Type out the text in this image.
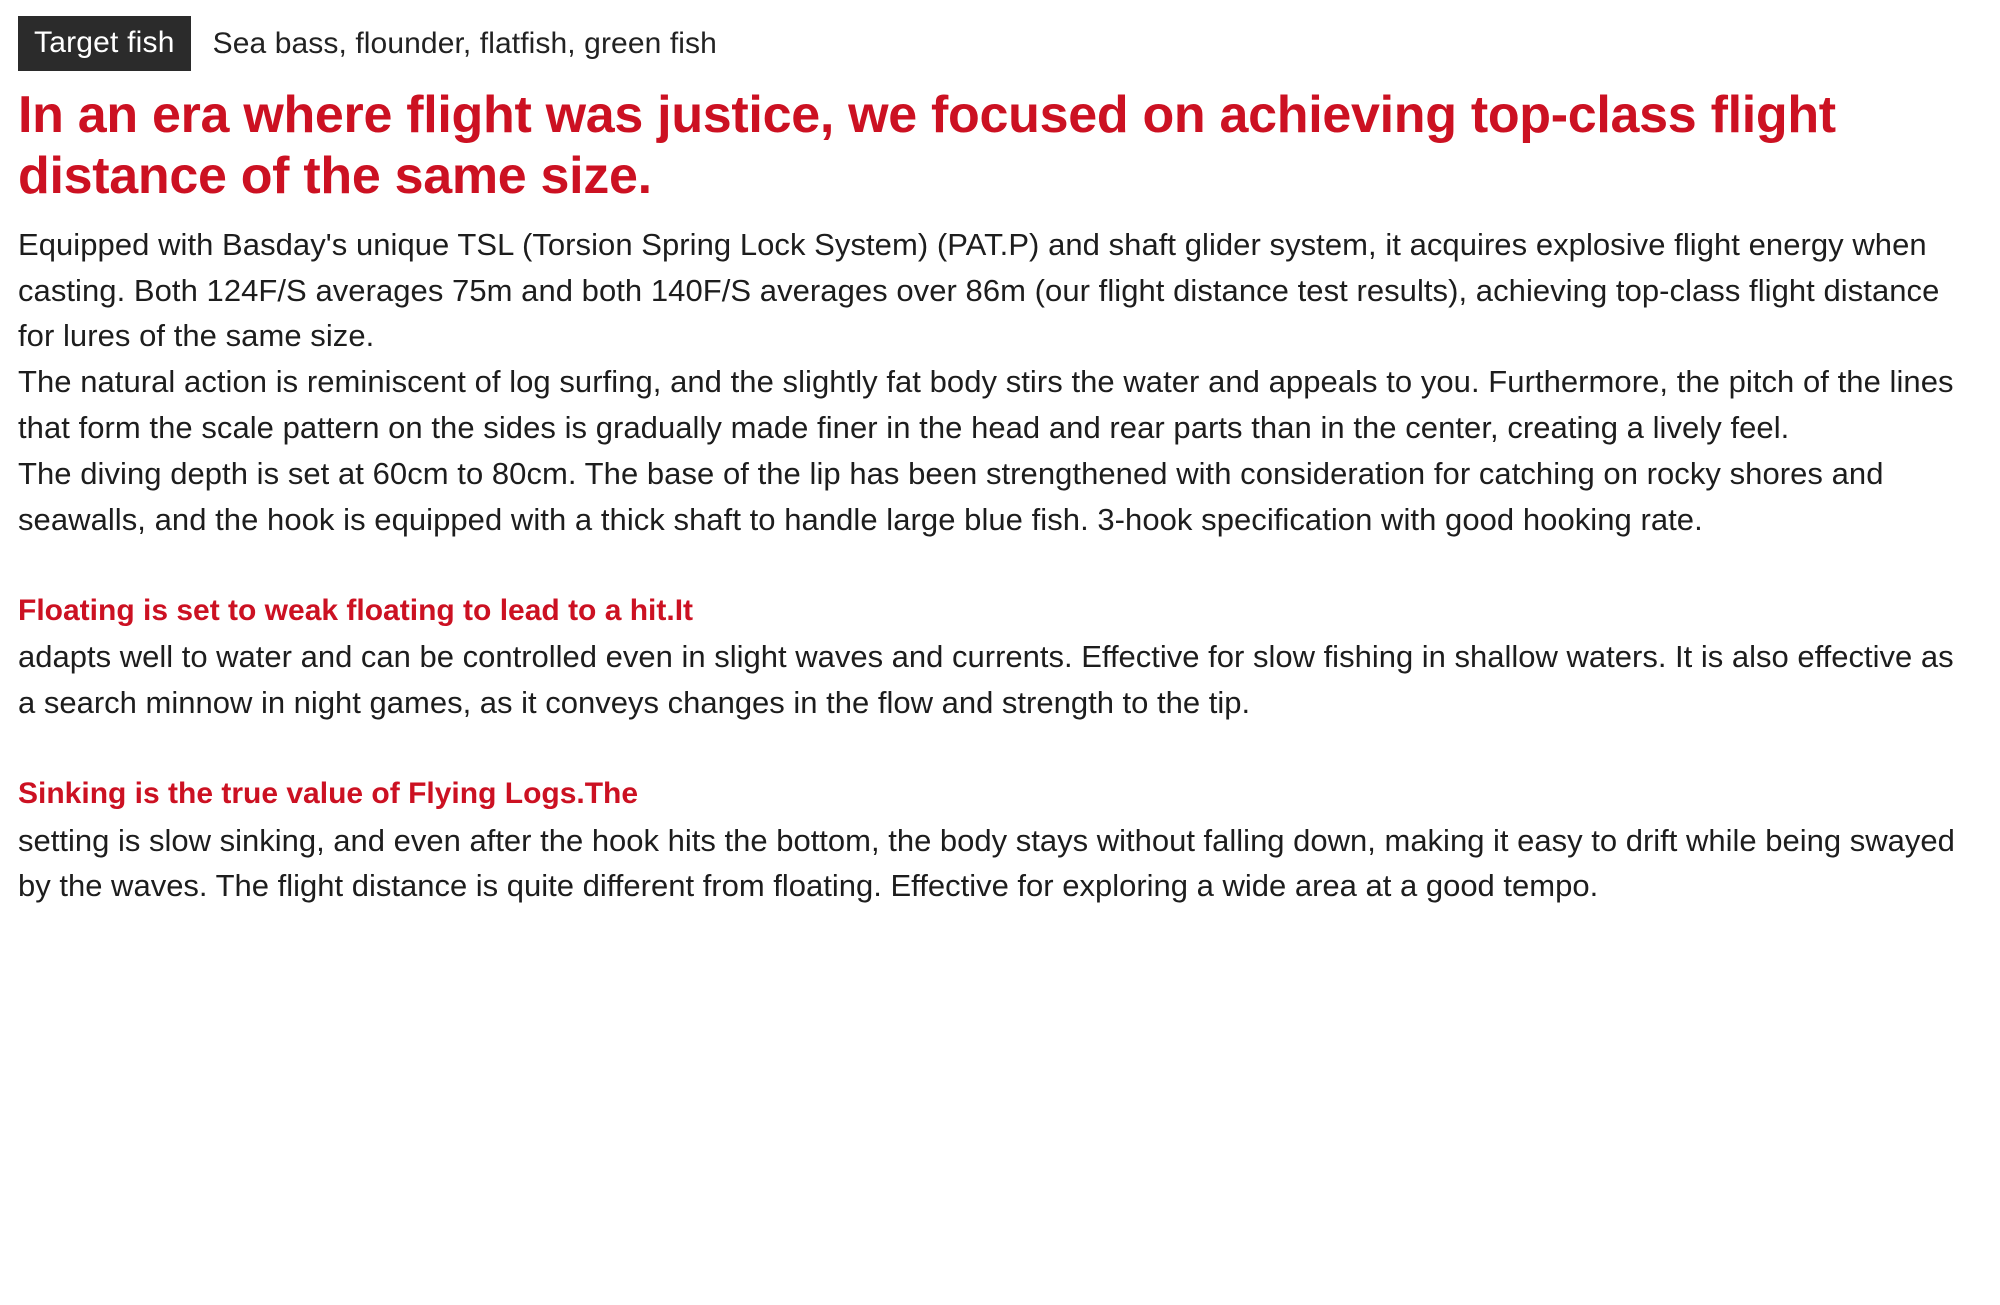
Target fish	Sea bass, flounder, flatfish, green fish
In an era where flight was justice, we focused on achieving top-class flight distance of the same size.

Equipped with Basday's unique TSL (Torsion Spring Lock System) (PAT.P) and shaft glider system, it acquires explosive flight energy when casting. Both 124F/S averages 75m and both 140F/S averages over 86m (our flight distance test results), achieving top-class flight distance for lures of the same size.

The natural action is reminiscent of log surfing, and the slightly fat body stirs the water and appeals to you. Furthermore, the pitch of the lines that form the scale pattern on the sides is gradually made finer in the head and rear parts than in the center, creating a lively feel.

The diving depth is set at 60cm to 80cm. The base of the lip has been strengthened with consideration for catching on rocky shores and seawalls, and the hook is equipped with a thick shaft to handle large blue fish. 3-hook specification with good hooking rate.

Floating is set to weak floating to lead to a hit.It

adapts well to water and can be controlled even in slight waves and currents. Effective for slow fishing in shallow waters. It is also effective as a search minnow in night games, as it conveys changes in the flow and strength to the tip.

Sinking is the true value of Flying Logs.The

setting is slow sinking, and even after the hook hits the bottom, the body stays without falling down, making it easy to drift while being swayed by the waves. The flight distance is quite different from floating. Effective for exploring a wide area at a good tempo.
